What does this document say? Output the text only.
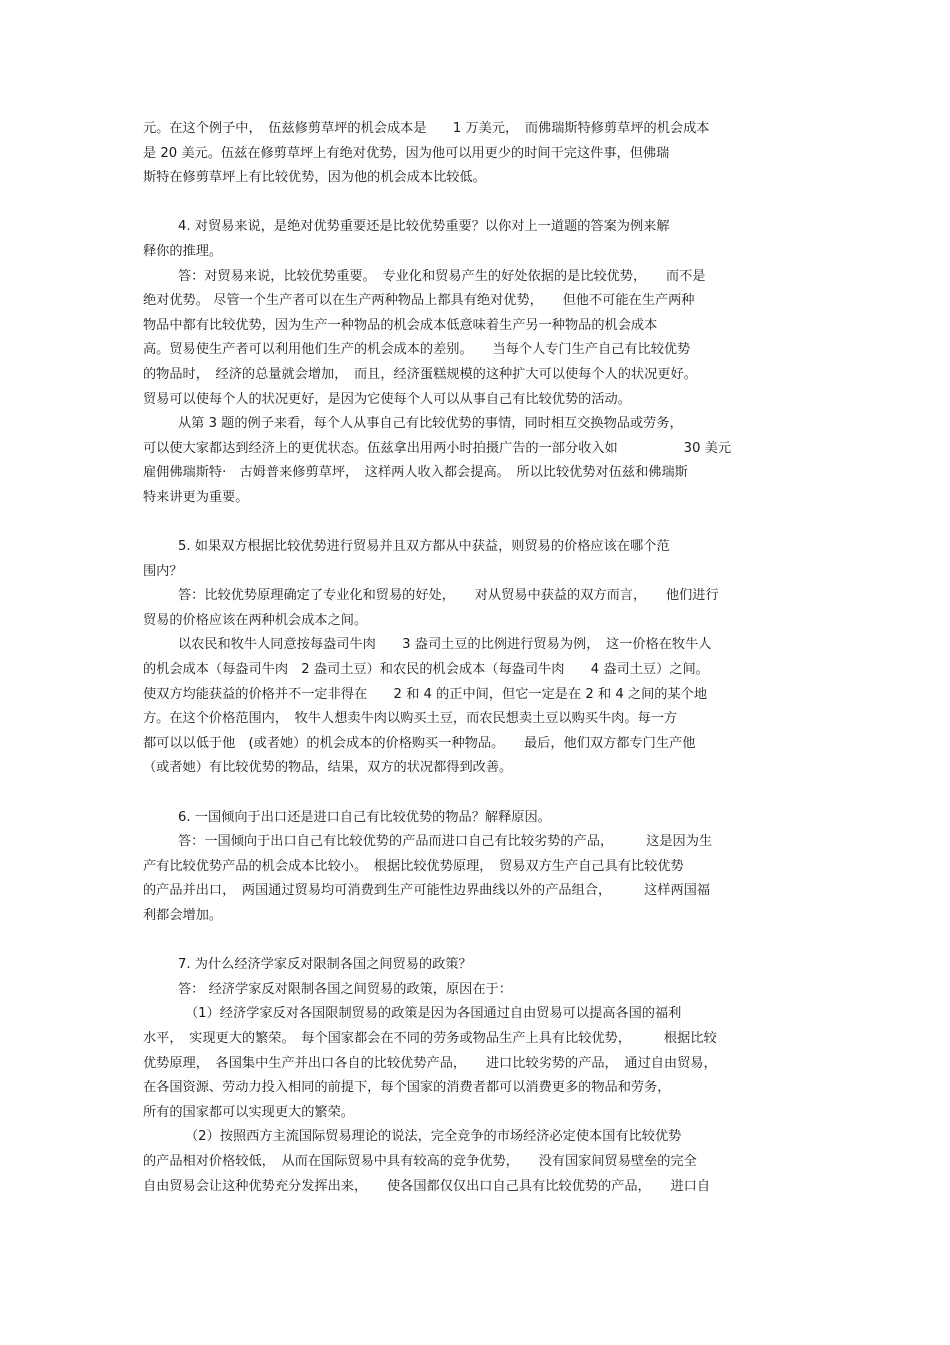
元。在这个例子中，　伍兹修剪草坪的机会成本是　　1 万美元，　而佛瑞斯特修剪草坪的机会成本
是 20 美元。伍兹在修剪草坪上有绝对优势，因为他可以用更少的时间干完这件事，但佛瑞
斯特在修剪草坪上有比较优势，因为他的机会成本比较低。
4. 对贸易来说，是绝对优势重要还是比较优势重要？以你对上一道题的答案为例来解
释你的推理。
答：对贸易来说，比较优势重要。　专业化和贸易产生的好处依据的是比较优势，　　而不是
绝对优势。 尽管一个生产者可以在生产两种物品上都具有绝对优势，　　但他不可能在生产两种
物品中都有比较优势，因为生产一种物品的机会成本低意味着生产另一种物品的机会成本
高。贸易使生产者可以利用他们生产的机会成本的差别。　　当每个人专门生产自己有比较优势
的物品时，　经济的总量就会增加，　而且，经济蛋糕规模的这种扩大可以使每个人的状况更好。
贸易可以使每个人的状况更好，是因为它使每个人可以从事自己有比较优势的活动。
从第 3 题的例子来看，每个人从事自己有比较优势的事情，同时相互交换物品或劳务，
可以使大家都达到经济上的更优状态。伍兹拿出用两小时拍摄广告的一部分收入如　　　　　30 美元
雇佣佛瑞斯特·　古姆普来修剪草坪，　这样两人收入都会提高。　所以比较优势对伍兹和佛瑞斯
特来讲更为重要。
5. 如果双方根据比较优势进行贸易并且双方都从中获益，则贸易的价格应该在哪个范
围内？
答：比较优势原理确定了专业化和贸易的好处，　　对从贸易中获益的双方而言，　　他们进行
贸易的价格应该在两种机会成本之间。
以农民和牧牛人同意按每盎司牛肉　　3 盎司土豆的比例进行贸易为例，　这一价格在牧牛人
的机会成本（每盎司牛肉　2 盎司土豆）和农民的机会成本（每盎司牛肉　　4 盎司土豆）之间。
使双方均能获益的价格并不一定非得在　　2 和 4 的正中间，但它一定是在 2 和 4 之间的某个地
方。在这个价格范围内，　牧牛人想卖牛肉以购买土豆，而农民想卖土豆以购买牛肉。每一方
都可以以低于他　(或者她）的机会成本的价格购买一种物品。　　最后，他们双方都专门生产他
（或者她）有比较优势的物品，结果，双方的状况都得到改善。
6. 一国倾向于出口还是进口自己有比较优势的物品？解释原因。
答：一国倾向于出口自己有比较优势的产品而进口自己有比较劣势的产品，　　　这是因为生
产有比较优势产品的机会成本比较小。　根据比较优势原理，　贸易双方生产自己具有比较优势
的产品并出口，　两国通过贸易均可消费到生产可能性边界曲线以外的产品组合，　　　这样两国福
利都会增加。
7. 为什么经济学家反对限制各国之间贸易的政策？
答： 经济学家反对限制各国之间贸易的政策，原因在于：
（1）经济学家反对各国限制贸易的政策是因为各国通过自由贸易可以提高各国的福利
水平，　实现更大的繁荣。　每个国家都会在不同的劳务或物品生产上具有比较优势，　　　根据比较
优势原理，　各国集中生产并出口各自的比较优势产品，　　进口比较劣势的产品，　通过自由贸易，
在各国资源、劳动力投入相同的前提下，每个国家的消费者都可以消费更多的物品和劳务，
所有的国家都可以实现更大的繁荣。
（2）按照西方主流国际贸易理论的说法，完全竞争的市场经济必定使本国有比较优势
的产品相对价格较低，　从而在国际贸易中具有较高的竞争优势，　　没有国家间贸易壁垒的完全
自由贸易会让这种优势充分发挥出来，　　使各国都仅仅出口自己具有比较优势的产品，　　进口自
